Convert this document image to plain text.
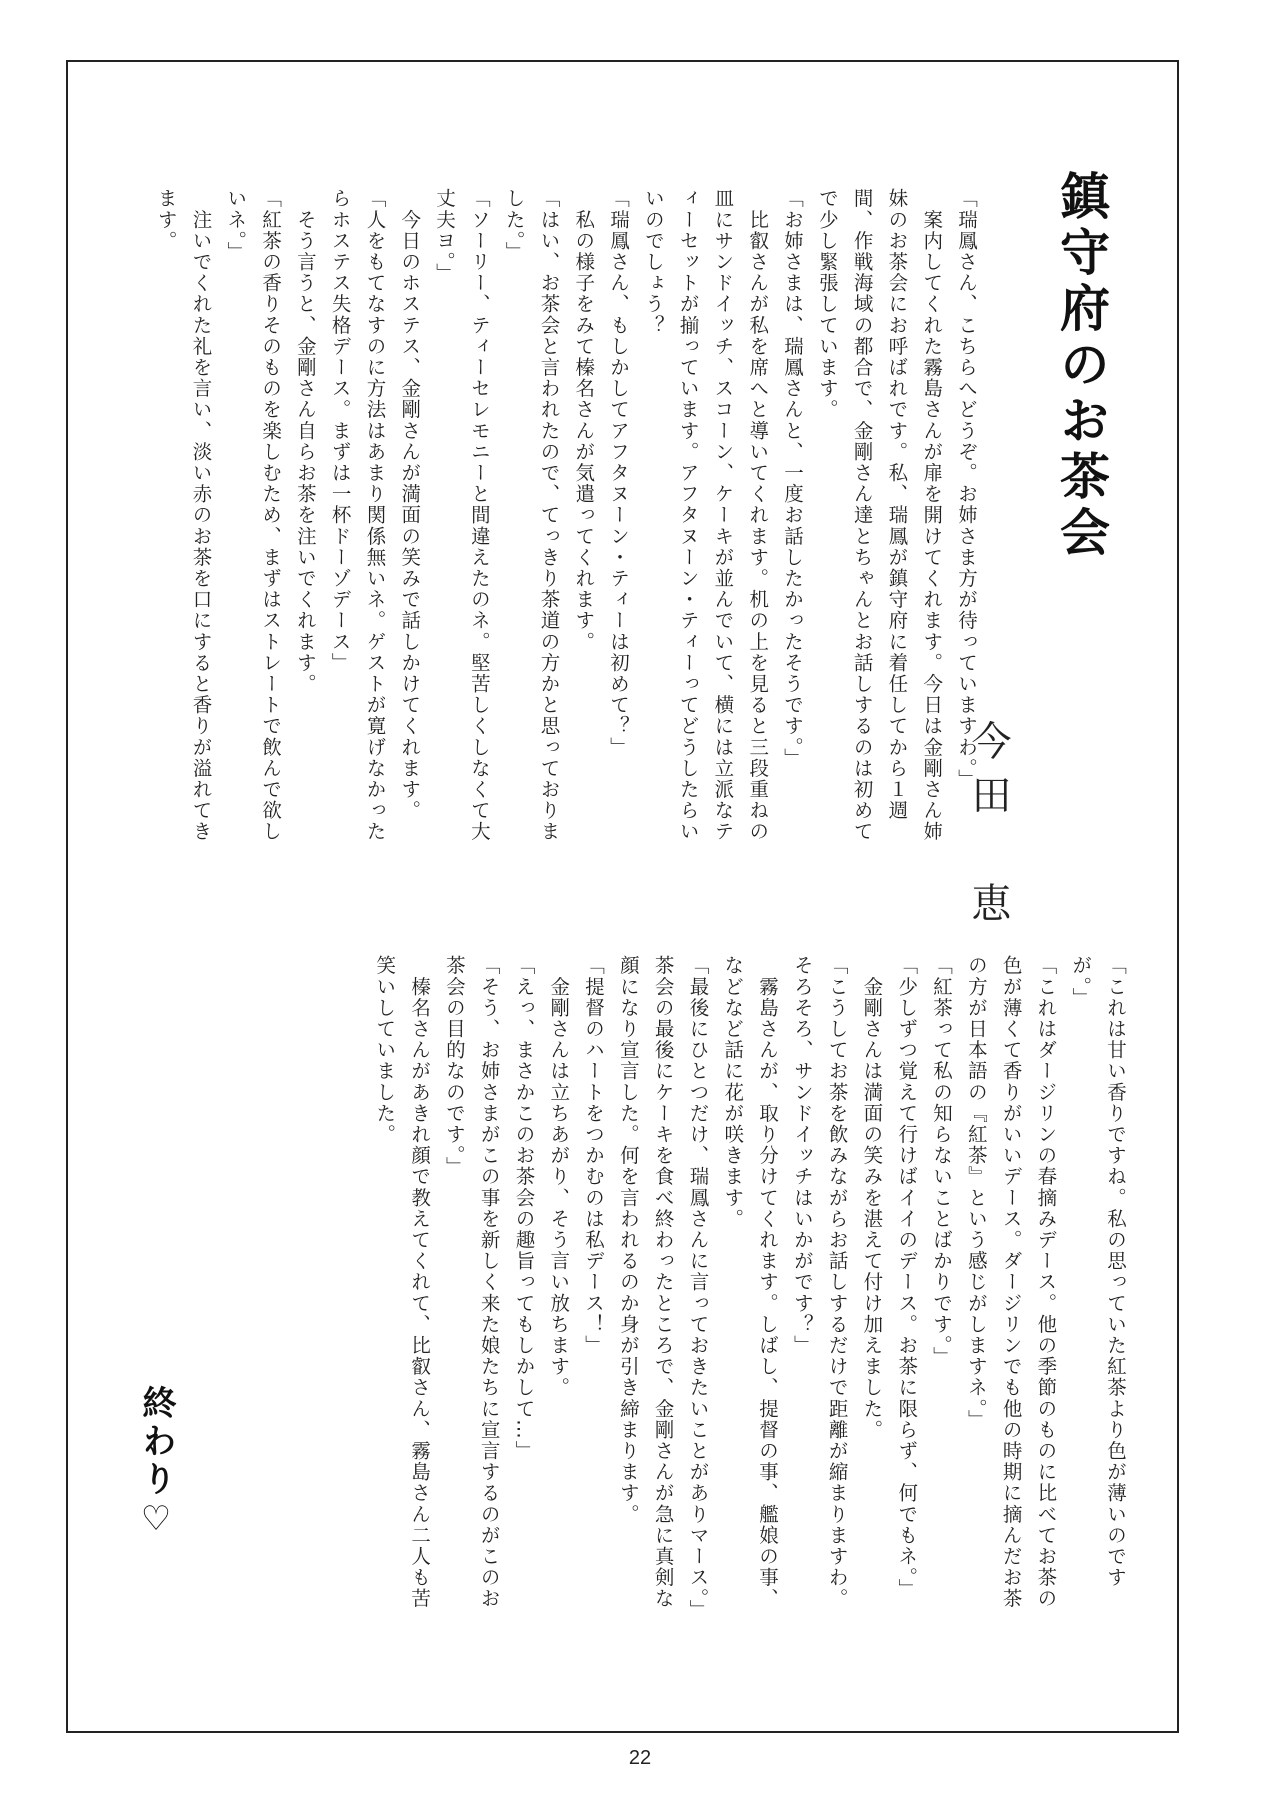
鎮守府のお茶会
今田　恵

「瑞鳳さん、こちらへどうぞ。お姉さま方が待っていますわ。」

　案内してくれた霧島さんが扉を開けてくれます。今日は金剛さん姉妹のお茶会にお呼ばれです。私、瑞鳳が鎮守府に着任してから１週間、作戦海域の都合で、金剛さん達とちゃんとお話しするのは初めてで少し緊張しています。

「お姉さまは、瑞鳳さんと、一度お話したかったそうです。」

　比叡さんが私を席へと導いてくれます。机の上を見ると三段重ねの皿にサンドイッチ、スコーン、ケーキが並んでいて、横には立派なティーセットが揃っています。アフタヌーン・ティーってどうしたらいいのでしょう？

「瑞鳳さん、もしかしてアフタヌーン・ティーは初めて？」

　私の様子をみて榛名さんが気遣ってくれます。

「はい、お茶会と言われたので、てっきり茶道の方かと思っておりました。」

「ソーリー、ティーセレモニーと間違えたのネ。堅苦しくしなくて大丈夫ヨ。」

　今日のホステス、金剛さんが満面の笑みで話しかけてくれます。

「人をもてなすのに方法はあまり関係無いネ。ゲストが寛げなかったらホステス失格デース。まずは一杯ドーゾデース」

　そう言うと、金剛さん自らお茶を注いでくれます。

「紅茶の香りそのものを楽しむため、まずはストレートで飲んで欲しいネ。」

　注いでくれた礼を言い、淡い赤のお茶を口にすると香りが溢れてきます。

「これは甘い香りですね。私の思っていた紅茶より色が薄いのですが。」

「これはダージリンの春摘みデース。他の季節のものに比べてお茶の色が薄くて香りがいいデース。ダージリンでも他の時期に摘んだお茶の方が日本語の『紅茶』という感じがしますネ。」

「紅茶って私の知らないことばかりです。」

「少しずつ覚えて行けばイイのデース。お茶に限らず、何でもネ。」

　金剛さんは満面の笑みを湛えて付け加えました。

「こうしてお茶を飲みながらお話しするだけで距離が縮まりますわ。そろそろ、サンドイッチはいかがです？」

　霧島さんが、取り分けてくれます。しばし、提督の事、艦娘の事、などなど話に花が咲きます。

「最後にひとつだけ、瑞鳳さんに言っておきたいことがありマース。」茶会の最後にケーキを食べ終わったところで、金剛さんが急に真剣な顔になり宣言した。何を言われるのか身が引き締まります。

「提督のハートをつかむのは私デース！」

　金剛さんは立ちあがり、そう言い放ちます。

「えっ、まさかこのお茶会の趣旨ってもしかして…」

「そう、お姉さまがこの事を新しく来た娘たちに宣言するのがこのお茶会の目的なのです。」

　榛名さんがあきれ顔で教えてくれて、比叡さん、霧島さん二人も苦笑いしていました。

終わり♡
22
